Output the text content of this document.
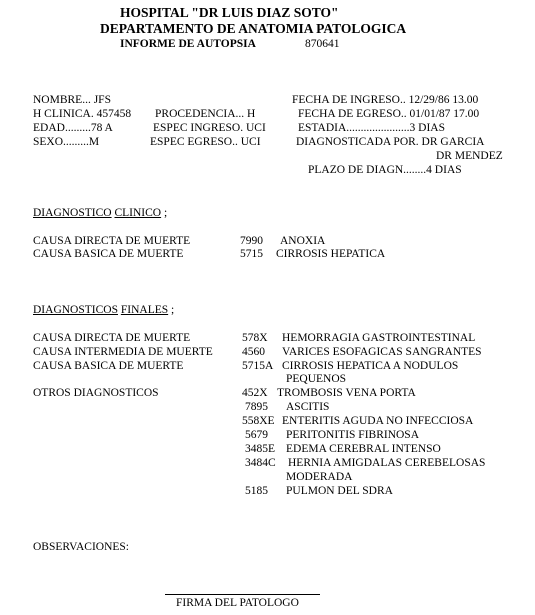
HOSPITAL "DR LUIS DIAZ SOTO"
DEPARTAMENTO DE ANATOMIA PATOLOGICA
INFORME DE AUTOPSIA	870641
NOMBRE... JFS
H CLINICA. 457458 PROCEDENCIA... H
EDAD.........78 A	ESPEC INGRESO. UCI
SEXO.........M	ESPEC EGRESO.. UCI
FECHA DE INGRESO.. 12/29/86 13.00
FECHA DE EGRESO.. 01/01/87 17.00
ESTADIA......................3 DIAS
DIAGNOSTICADA POR. DR GARCIA
DR MENDEZ
PLAZO DE DIAGN........4 DIAS
DIAGNOSTICO CLINICO ;
CAUSA DIRECTA DE MUERTE	7990 ANOXIA
CAUSA BASICA DE MUERTE	5715 CIRROSIS HEPATICA
DIAGNOSTICOS FINALES ;
CAUSA DIRECTA DE MUERTE	578X HEMORRAGIA GASTROINTESTINAL
CAUSA INTERMEDIA DE MUERTE	4560 VARICES ESOFAGICAS SANGRANTES
CAUSA BASICA DE MUERTE	5715A CIRROSIS HEPATICA A NODULOS
PEQUENOS
OTROS DIAGNOSTICOS	452X TROMBOSIS VENA PORTA
7895 ASCITIS
558XE ENTERITIS AGUDA NO INFECCIOSA
5679 PERITONITIS FIBRINOSA
3485E EDEMA CEREBRAL INTENSO
3484C HERNIA AMIGDALAS CEREBELOSAS
MODERADA
5185 PULMON DEL SDRA
OBSERVACIONES:
FIRMA DEL PATOLOGO
